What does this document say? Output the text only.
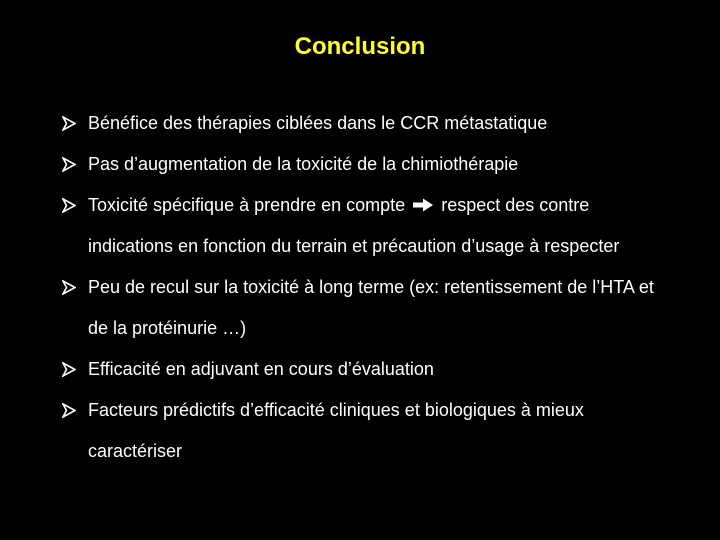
Conclusion
Bénéfice des thérapies ciblées dans le CCR métastatique
Pas d’augmentation de la toxicité de la chimiothérapie
Toxicité spécifique à prendre en compte respect des contre indications en fonction du terrain et précaution d’usage à respecter
Peu de recul sur la toxicité à long terme (ex: retentissement de l’HTA et de la protéinurie …)
Efficacité en adjuvant en cours d’évaluation
Facteurs prédictifs d’efficacité cliniques et biologiques à mieux caractériser
